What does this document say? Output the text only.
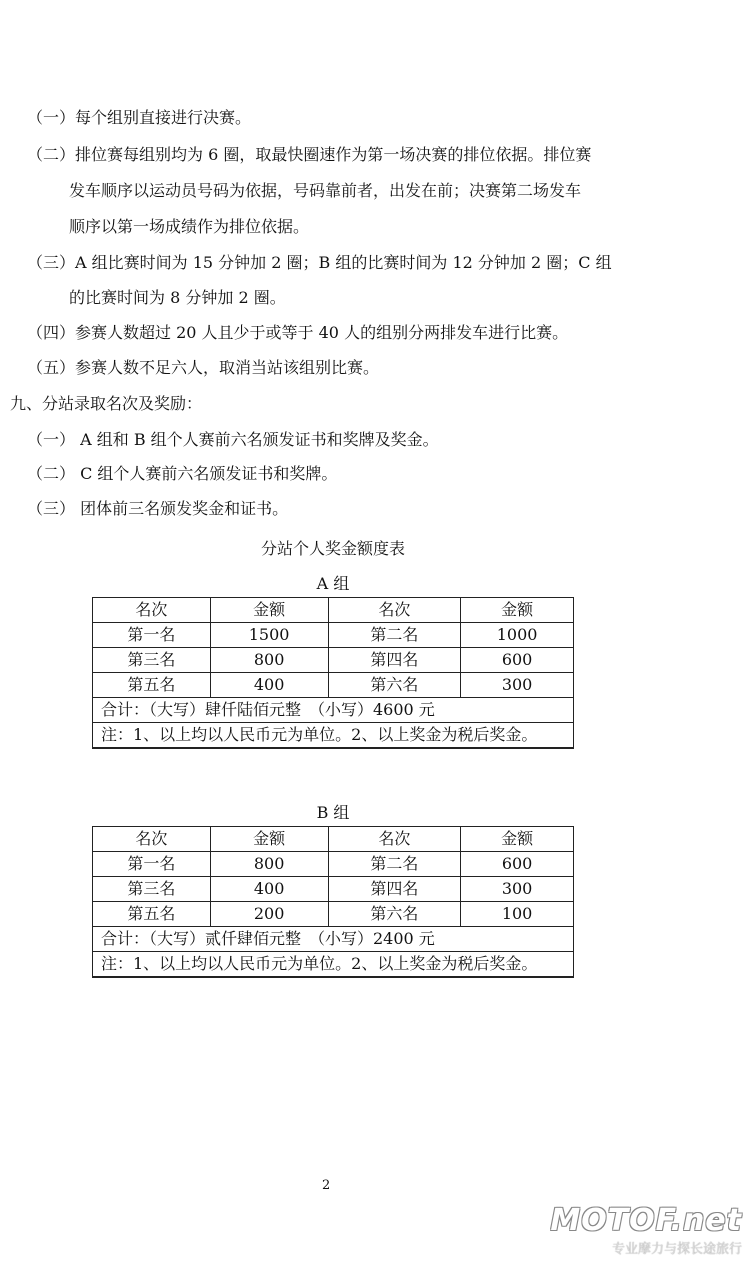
（一）每个组别直接进行决赛。
（二）排位赛每组别均为 6 圈，取最快圈速作为第一场决赛的排位依据。排位赛
发车顺序以运动员号码为依据，号码靠前者，出发在前；决赛第二场发车
顺序以第一场成绩作为排位依据。
（三）A 组比赛时间为 15 分钟加 2 圈；B 组的比赛时间为 12 分钟加 2 圈；C 组
的比赛时间为 8 分钟加 2 圈。
（四）参赛人数超过 20 人且少于或等于 40 人的组别分两排发车进行比赛。
（五）参赛人数不足六人，取消当站该组别比赛。
九、分站录取名次及奖励：
（一） A 组和 B 组个人赛前六名颁发证书和奖牌及奖金。
（二） C 组个人赛前六名颁发证书和奖牌。
（三） 团体前三名颁发奖金和证书。
分站个人奖金额度表
A 组
名次	金额	名次	金额
第一名	1500	第二名	1000
第三名	800	第四名	600
第五名	400	第六名	300
合计：（大写）肆仟陆佰元整　（小写）4600 元			
注：1、以上均以人民币元为单位。2、以上奖金为税后奖金。			
B 组
名次	金额	名次	金额
第一名	800	第二名	600
第三名	400	第四名	300
第五名	200	第六名	100
合计：（大写）贰仟肆佰元整　（小写）2400 元			
注：1、以上均以人民币元为单位。2、以上奖金为税后奖金。			
2
MOTOF.net
专业摩力与探长途旅行
